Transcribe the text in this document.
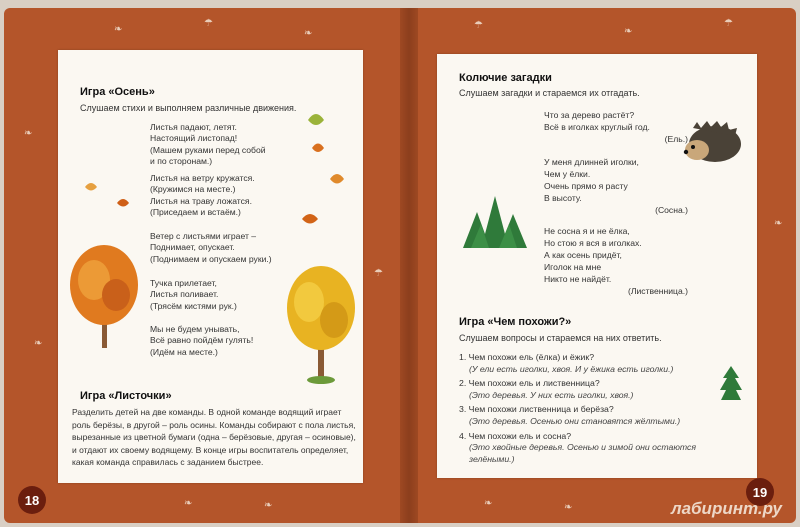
❧
☂
❧
☂
❧
☂
❧
❧
☂
❧
❧	❧	❧	❧
18
19
лабиринт.ру
Игра «Осень»
Слушаем стихи и выполняем различные движения.
Листья падают, летят.
Настоящий листопад!
(Машем руками перед собой
и по сторонам.)
Листья на ветру кружатся.
(Кружимся на месте.)
Листья на траву ложатся.
(Приседаем и встаём.)
Ветер с листьями играет –
Поднимает, опускает.
(Поднимаем и опускаем руки.)
Тучка прилетает,
Листья поливает.
(Трясём кистями рук.)
Мы не будем унывать,
Всё равно пойдём гулять!
(Идём на месте.)
Игра «Листочки»
Разделить детей на две команды. В одной команде водящий играет роль берёзы, в другой – роль осины. Команды собирают с пола листья, вырезанные из цветной бумаги (одна – берёзовые, другая – осиновые), и отдают их своему водящему. В конце игры воспитатель определяет, какая команда справилась с заданием быстрее.
Колючие загадки
Слушаем загадки и стараемся их отгадать.
Что за дерево растёт?
Всё в иголках круглый год.
(Ель.)
У меня длинней иголки,
Чем у ёлки.
Очень прямо я расту
В высоту.
(Сосна.)
Не сосна я и не ёлка,
Но стою я вся в иголках.
А как осень придёт,
Иголок на мне
Никто не найдёт.
(Лиственница.)
Игра «Чем похожи?»
Слушаем вопросы и стараемся на них ответить.
1. Чем похожи ель (ёлка) и ёжик?
(У ели есть иголки, хвоя. И у ёжика есть иголки.)
2. Чем похожи ель и лиственница?
(Это деревья. У них есть иголки, хвоя.)
3. Чем похожи лиственница и берёза?
(Это деревья. Осенью они становятся жёлтыми.)
4. Чем похожи ель и сосна?
(Это хвойные деревья. Осенью и зимой они остаются зелёными.)
